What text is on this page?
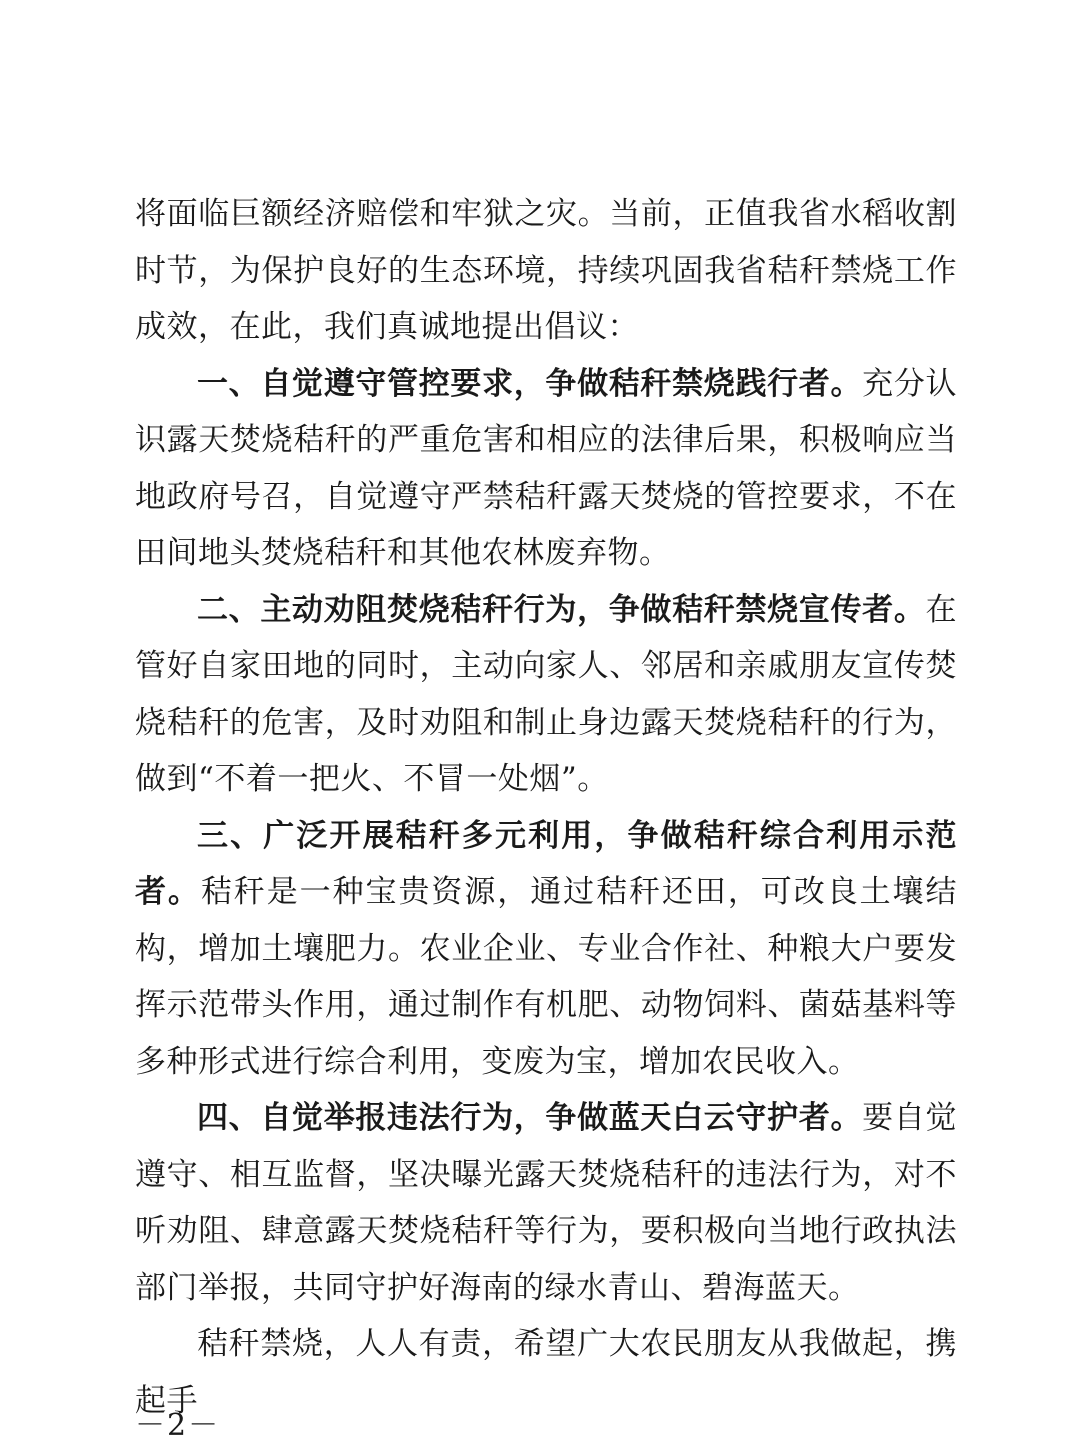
将面临巨额经济赔偿和牢狱之灾。当前，正值我省水稻收割时节，为保护良好的生态环境，持续巩固我省秸秆禁烧工作成效，在此，我们真诚地提出倡议：

一、自觉遵守管控要求，争做秸秆禁烧践行者。充分认识露天焚烧秸秆的严重危害和相应的法律后果，积极响应当地政府号召，自觉遵守严禁秸秆露天焚烧的管控要求，不在田间地头焚烧秸秆和其他农林废弃物。

二、主动劝阻焚烧秸秆行为，争做秸秆禁烧宣传者。在管好自家田地的同时，主动向家人、邻居和亲戚朋友宣传焚烧秸秆的危害，及时劝阻和制止身边露天焚烧秸秆的行为，做到“不着一把火、不冒一处烟”。

三、广泛开展秸秆多元利用，争做秸秆综合利用示范者。秸秆是一种宝贵资源，通过秸秆还田，可改良土壤结构，增加土壤肥力。农业企业、专业合作社、种粮大户要发挥示范带头作用，通过制作有机肥、动物饲料、菌菇基料等多种形式进行综合利用，变废为宝，增加农民收入。

四、自觉举报违法行为，争做蓝天白云守护者。要自觉遵守、相互监督，坚决曝光露天焚烧秸秆的违法行为，对不听劝阻、肆意露天焚烧秸秆等行为，要积极向当地行政执法部门举报，共同守护好海南的绿水青山、碧海蓝天。

秸秆禁烧，人人有责，希望广大农民朋友从我做起，携起手

－2－
